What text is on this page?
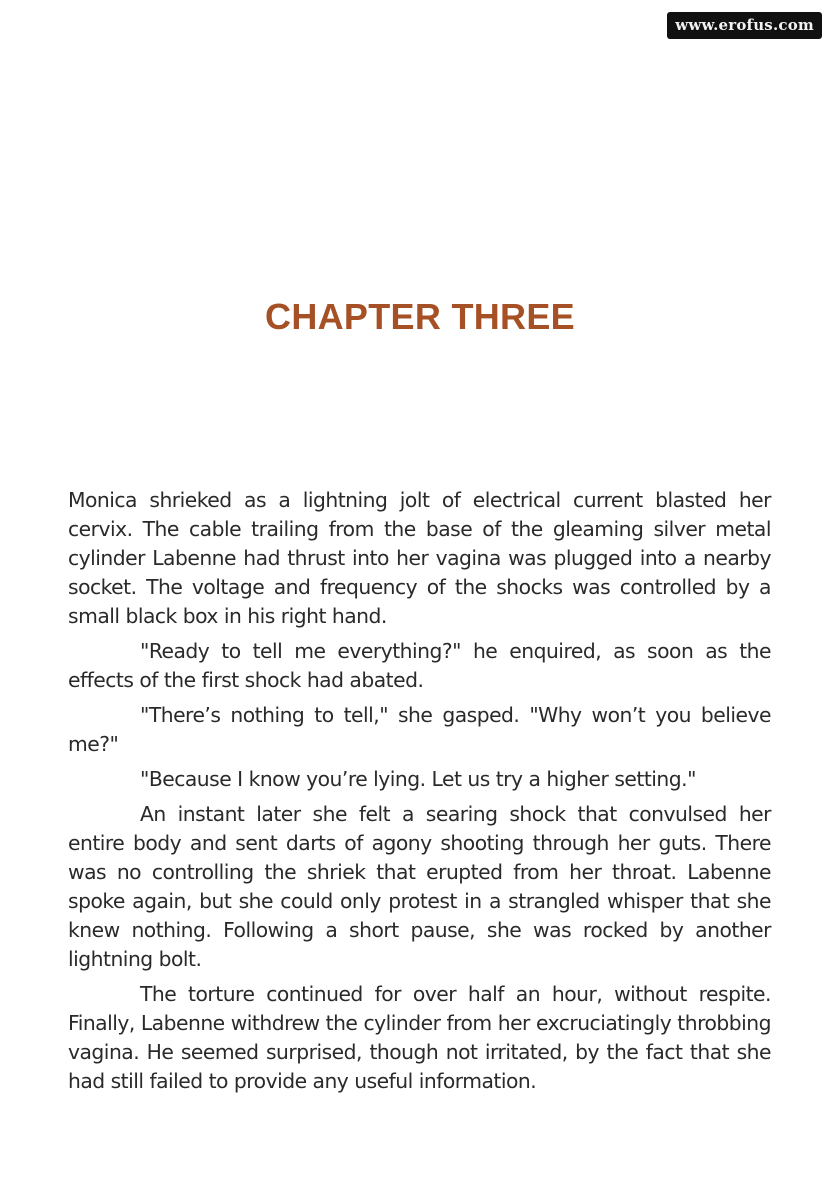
www.erofus.com
CHAPTER THREE

Monica shrieked as a lightning jolt of electrical current blasted her cervix. The cable trailing from the base of the gleaming silver metal cylinder Labenne had thrust into her vagina was plugged into a nearby socket. The voltage and frequency of the shocks was controlled by a small black box in his right hand.

"Ready to tell me everything?" he enquired, as soon as the effects of the first shock had abated.

"There’s nothing to tell," she gasped. "Why won’t you believe me?"

"Because I know you’re lying. Let us try a higher setting."

An instant later she felt a searing shock that convulsed her entire body and sent darts of agony shooting through her guts. There was no controlling the shriek that erupted from her throat. Labenne spoke again, but she could only protest in a strangled whisper that she knew nothing. Following a short pause, she was rocked by another lightning bolt.

The torture continued for over half an hour, without respite. Finally, Labenne withdrew the cylinder from her excruciatingly throbbing vagina. He seemed surprised, though not irritated, by the fact that she had still failed to provide any useful information.
